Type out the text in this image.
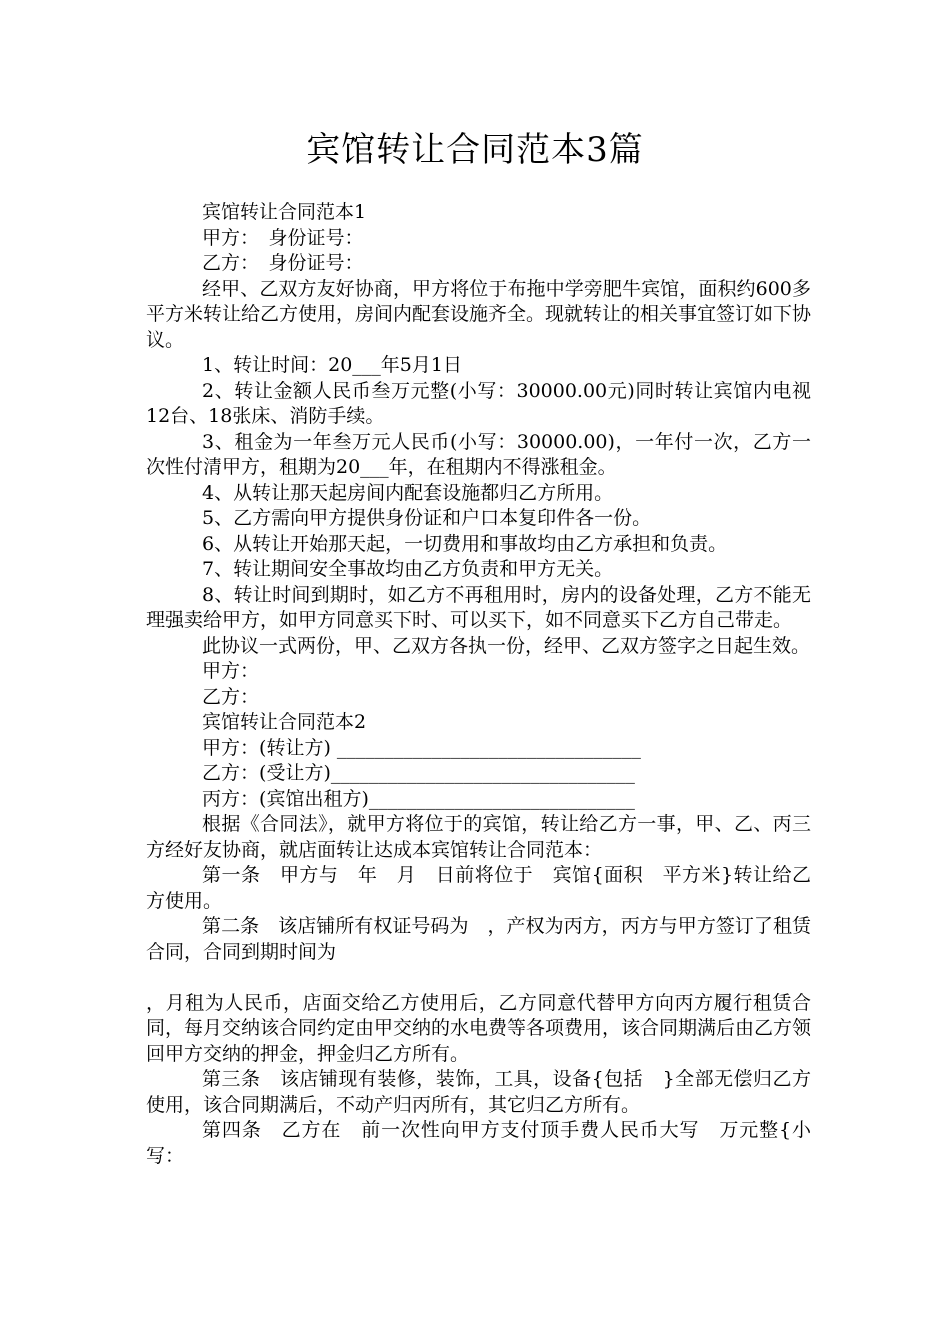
宾馆转让合同范本3篇

宾馆转让合同范本1

甲方：　身份证号：

乙方：　身份证号：

经甲、乙双方友好协商，甲方将位于布拖中学旁肥牛宾馆，面积约600多平方米转让给乙方使用，房间内配套设施齐全。现就转让的相关事宜签订如下协议。

1、转让时间：20___年5月1日

2、转让金额人民币叁万元整(小写：30000.00元)同时转让宾馆内电视12台、18张床、消防手续。

3、租金为一年叁万元人民币(小写：30000.00)，一年付一次，乙方一次性付清甲方，租期为20___年，在租期内不得涨租金。

4、从转让那天起房间内配套设施都归乙方所用。

5、乙方需向甲方提供身份证和户口本复印件各一份。

6、从转让开始那天起，一切费用和事故均由乙方承担和负责。

7、转让期间安全事故均由乙方负责和甲方无关。

8、转让时间到期时，如乙方不再租用时，房内的设备处理，乙方不能无理强卖给甲方，如甲方同意买下时、可以买下，如不同意买下乙方自己带走。

此协议一式两份，甲、乙双方各执一份，经甲、乙双方签字之日起生效。

甲方：

乙方：

宾馆转让合同范本2

甲方：(转让方) ________________________________

乙方：(受让方)________________________________

丙方：(宾馆出租方)____________________________

根据《合同法》，就甲方将位于的宾馆，转让给乙方一事，甲、乙、丙三方经好友协商，就店面转让达成本宾馆转让合同范本：

第一条　甲方与　年　月　日前将位于　宾馆{面积　平方米}转让给乙方使用。

第二条　该店铺所有权证号码为　，产权为丙方，丙方与甲方签订了租赁合同，合同到期时间为

，月租为人民币，店面交给乙方使用后，乙方同意代替甲方向丙方履行租赁合同，每月交纳该合同约定由甲交纳的水电费等各项费用，该合同期满后由乙方领回甲方交纳的押金，押金归乙方所有。

第三条　该店铺现有装修，装饰，工具，设备{包括　}全部无偿归乙方使用，该合同期满后，不动产归丙所有，其它归乙方所有。

第四条　乙方在　前一次性向甲方支付顶手费人民币大写　万元整{小写：
